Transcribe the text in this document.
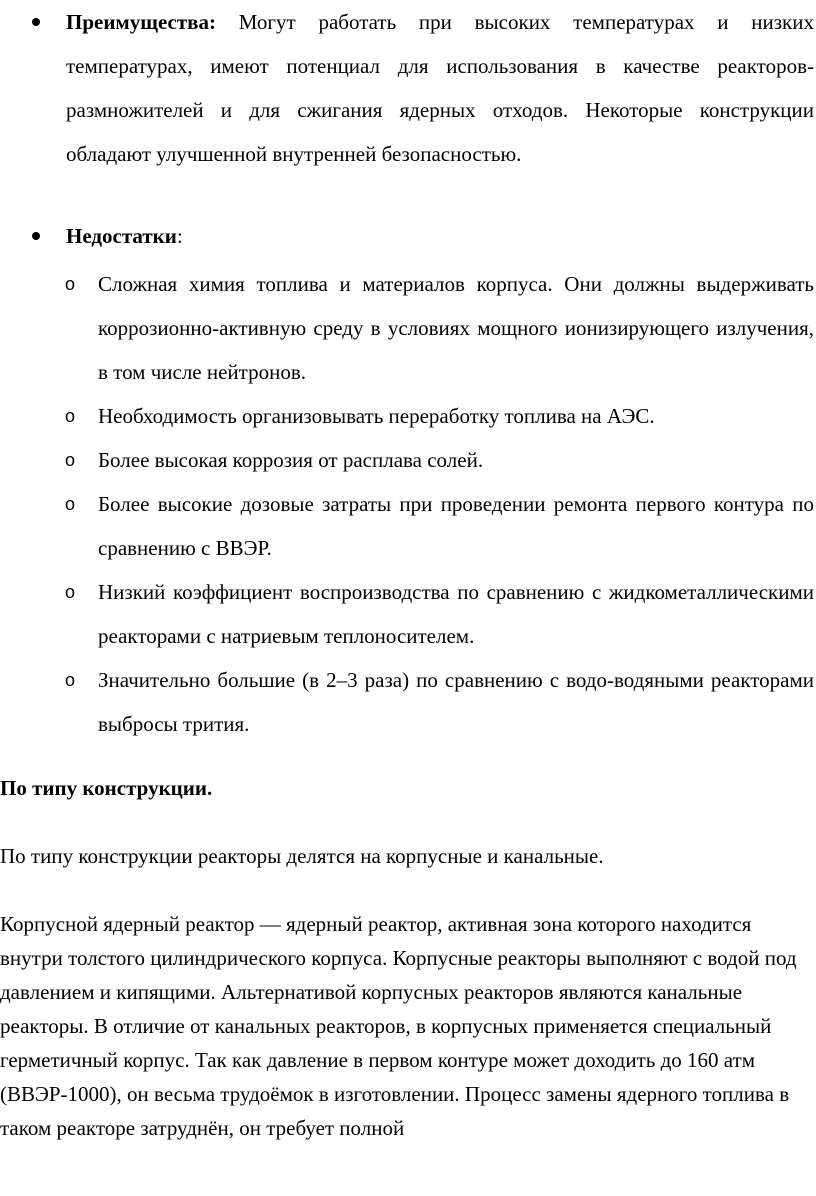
Преимущества: Могут работать при высоких температурах и низких температурах, имеют потенциал для использования в качестве реакторов-размножителей и для сжигания ядерных отходов. Некоторые конструкции обладают улучшенной внутренней безопасностью.
Недостатки:
o Сложная химия топлива и материалов корпуса. Они должны выдерживать коррозионно-активную среду в условиях мощного ионизирующего излучения, в том числе нейтронов.
o Необходимость организовывать переработку топлива на АЭС.
o Более высокая коррозия от расплава солей.
o Более высокие дозовые затраты при проведении ремонта первого контура по сравнению с ВВЭР.
o Низкий коэффициент воспроизводства по сравнению с жидкометаллическими реакторами с натриевым теплоносителем.
o Значительно большие (в 2–3 раза) по сравнению с водо-водяными реакторами выбросы трития.
По типу конструкции.
По типу конструкции реакторы делятся на корпусные и канальные.
Корпусной ядерный реактор — ядерный реактор, активная зона которого находится внутри толстого цилиндрического корпуса. Корпусные реакторы выполняют с водой под давлением и кипящими. Альтернативой корпусных реакторов являются канальные реакторы. В отличие от канальных реакторов, в корпусных применяется специальный герметичный корпус. Так как давление в первом контуре может доходить до 160 атм (ВВЭР-1000), он весьма трудоёмок в изготовлении. Процесс замены ядерного топлива в таком реакторе затруднён, он требует полной
